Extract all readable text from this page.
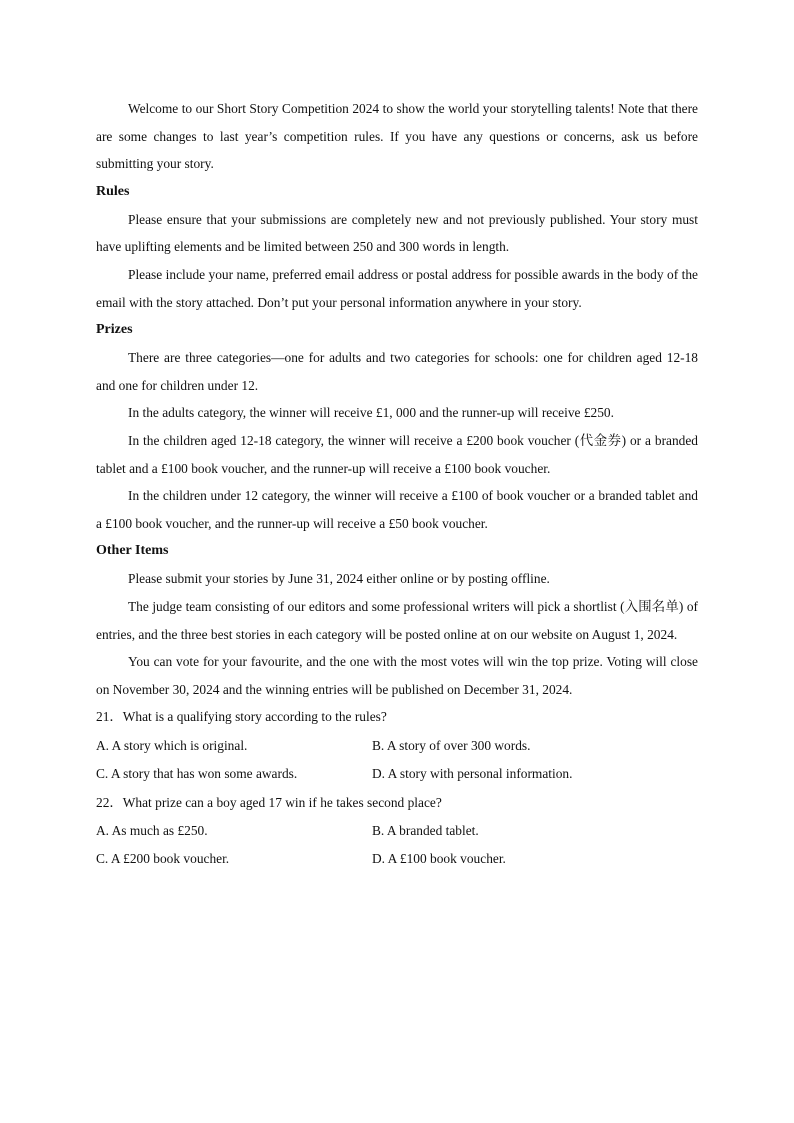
Welcome to our Short Story Competition 2024 to show the world your storytelling talents! Note that there are some changes to last year’s competition rules. If you have any questions or concerns, ask us before submitting your story.

Rules

Please ensure that your submissions are completely new and not previously published. Your story must have uplifting elements and be limited between 250 and 300 words in length.

Please include your name, preferred email address or postal address for possible awards in the body of the email with the story attached. Don’t put your personal information anywhere in your story.

Prizes

There are three categories—one for adults and two categories for schools: one for children aged 12-18 and one for children under 12.

In the adults category, the winner will receive £1, 000 and the runner-up will receive £250.

In the children aged 12-18 category, the winner will receive a £200 book voucher (代金券) or a branded tablet and a £100 book voucher, and the runner-up will receive a £100 book voucher.

In the children under 12 category, the winner will receive a £100 of book voucher or a branded tablet and a £100 book voucher, and the runner-up will receive a £50 book voucher.

Other Items

Please submit your stories by June 31, 2024 either online or by posting offline.

The judge team consisting of our editors and some professional writers will pick a shortlist (入围名单) of entries, and the three best stories in each category will be posted online at on our website on August 1, 2024.

You can vote for your favourite, and the one with the most votes will win the top prize. Voting will close on November 30, 2024 and the winning entries will be published on December 31, 2024.

21．What is a qualifying story according to the rules?

A. A story which is original.	B. A story of over 300 words.
C. A story that has won some awards.	D. A story with personal information.

22．What prize can a boy aged 17 win if he takes second place?

A. As much as £250.	B. A branded tablet.
C. A £200 book voucher.	D. A £100 book voucher.
